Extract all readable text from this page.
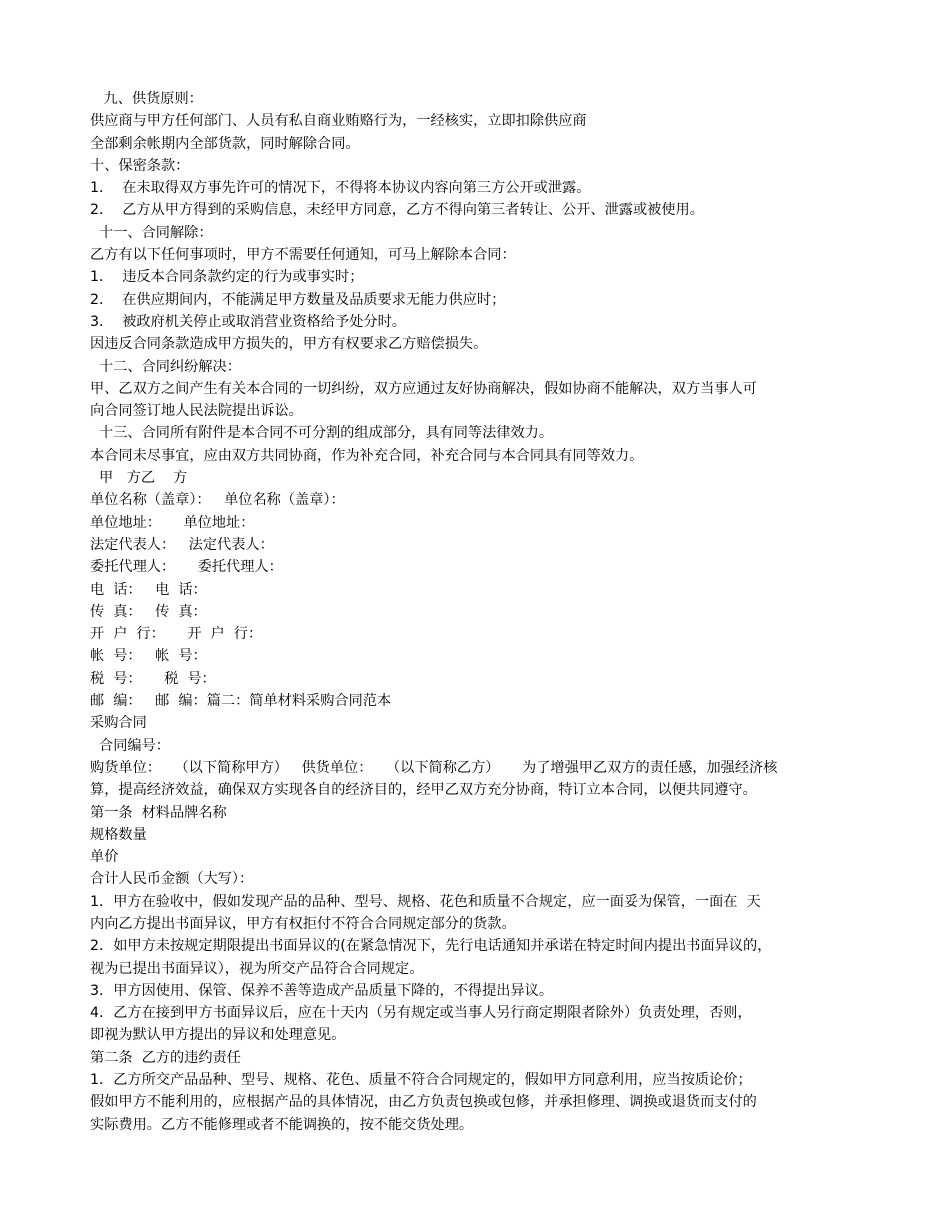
九、供货原则：

供应商与甲方任何部门、人员有私自商业贿赂行为，一经核实，立即扣除供应商

全部剩余帐期内全部货款，同时解除合同。

十、保密条款：

1．  在未取得双方事先许可的情况下，不得将本协议内容向第三方公开或泄露。

2．  乙方从甲方得到的采购信息，未经甲方同意，乙方不得向第三者转让、公开、泄露或被使用。

十一、合同解除：

乙方有以下任何事项时，甲方不需要任何通知，可马上解除本合同：

1．  违反本合同条款约定的行为或事实时；

2．  在供应期间内，不能满足甲方数量及品质要求无能力供应时；

3．  被政府机关停止或取消营业资格给予处分时。

因违反合同条款造成甲方损失的，甲方有权要求乙方赔偿损失。

十二、合同纠纷解决：

甲、乙双方之间产生有关本合同的一切纠纷，双方应通过友好协商解决，假如协商不能解决，双方当事人可

向合同签订地人民法院提出诉讼。

十三、合同所有附件是本合同不可分割的组成部分，具有同等法律效力。

本合同未尽事宜，应由双方共同协商，作为补充合同，补充合同与本合同具有同等效力。

甲   方乙    方

单位名称（盖章）：   单位名称（盖章）：

单位地址：     单位地址：

法定代表人：   法定代表人：

委托代理人：     委托代理人：

电  话：   电  话：

传  真：   传  真：

开  户  行：     开  户  行：

帐  号：   帐  号：

税  号：     税  号：

邮  编：   邮  编：篇二：简单材料采购合同范本

采购合同

合同编号：

购货单位：   （以下简称甲方）   供货单位：   （以下简称乙方）     为了增强甲乙双方的责任感，加强经济核

算，提高经济效益，确保双方实现各自的经济目的，经甲乙双方充分协商，特订立本合同，以便共同遵守。

第一条  材料品牌名称

规格数量

单价

合计人民币金额（大写）：

1．甲方在验收中，假如发现产品的品种、型号、规格、花色和质量不合规定，应一面妥为保管，一面在  天

内向乙方提出书面异议，甲方有权拒付不符合合同规定部分的货款。

2．如甲方未按规定期限提出书面异议的(在紧急情况下，先行电话通知并承诺在特定时间内提出书面异议的，

视为已提出书面异议），视为所交产品符合合同规定。

3．甲方因使用、保管、保养不善等造成产品质量下降的，不得提出异议。

4．乙方在接到甲方书面异议后，应在十天内（另有规定或当事人另行商定期限者除外）负责处理，否则，

即视为默认甲方提出的异议和处理意见。

第二条  乙方的违约责任

1．乙方所交产品品种、型号、规格、花色、质量不符合合同规定的，假如甲方同意利用，应当按质论价；

假如甲方不能利用的，应根据产品的具体情况，由乙方负责包换或包修，并承担修理、调换或退货而支付的

实际费用。乙方不能修理或者不能调换的，按不能交货处理。
